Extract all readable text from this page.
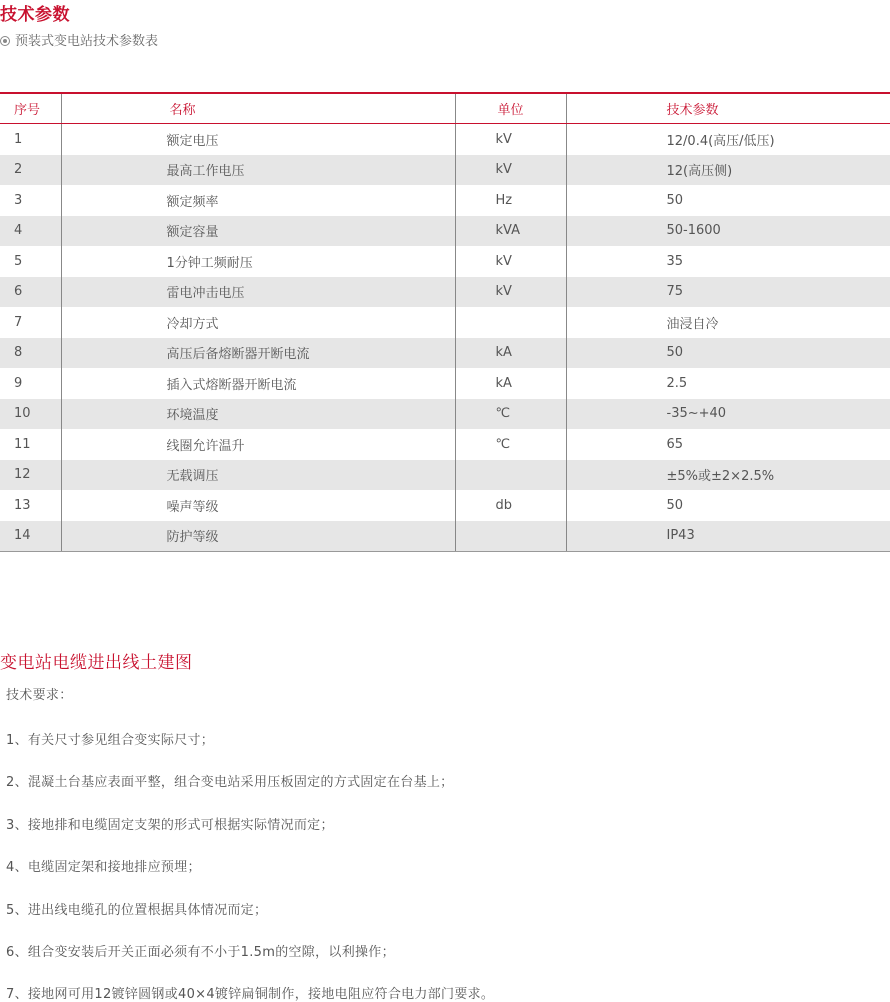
技术参数
预装式变电站技术参数表
序号	名称	单位	技术参数
1	额定电压	kV	12/0.4(高压/低压)
2	最高工作电压	kV	12(高压侧)
3	额定频率	Hz	50
4	额定容量	kVA	50-1600
5	1分钟工频耐压	kV	35
6	雷电冲击电压	kV	75
7	冷却方式		油浸自冷
8	高压后备熔断器开断电流	kA	50
9	插入式熔断器开断电流	kA	2.5
10	环境温度	℃	-35~+40
11	线圈允许温升	℃	65
12	无载调压		±5%或±2×2.5%
13	噪声等级	db	50
14	防护等级		IP43
变电站电缆进出线土建图
技术要求：
1、有关尺寸参见组合变实际尺寸；
2、混凝土台基应表面平整，组合变电站采用压板固定的方式固定在台基上；
3、接地排和电缆固定支架的形式可根据实际情况而定；
4、电缆固定架和接地排应预埋；
5、进出线电缆孔的位置根据具体情况而定；
6、组合变安装后开关正面必须有不小于1.5m的空隙，以利操作；
7、接地网可用12镀锌圆钢或40×4镀锌扁铜制作，接地电阻应符合电力部门要求。
